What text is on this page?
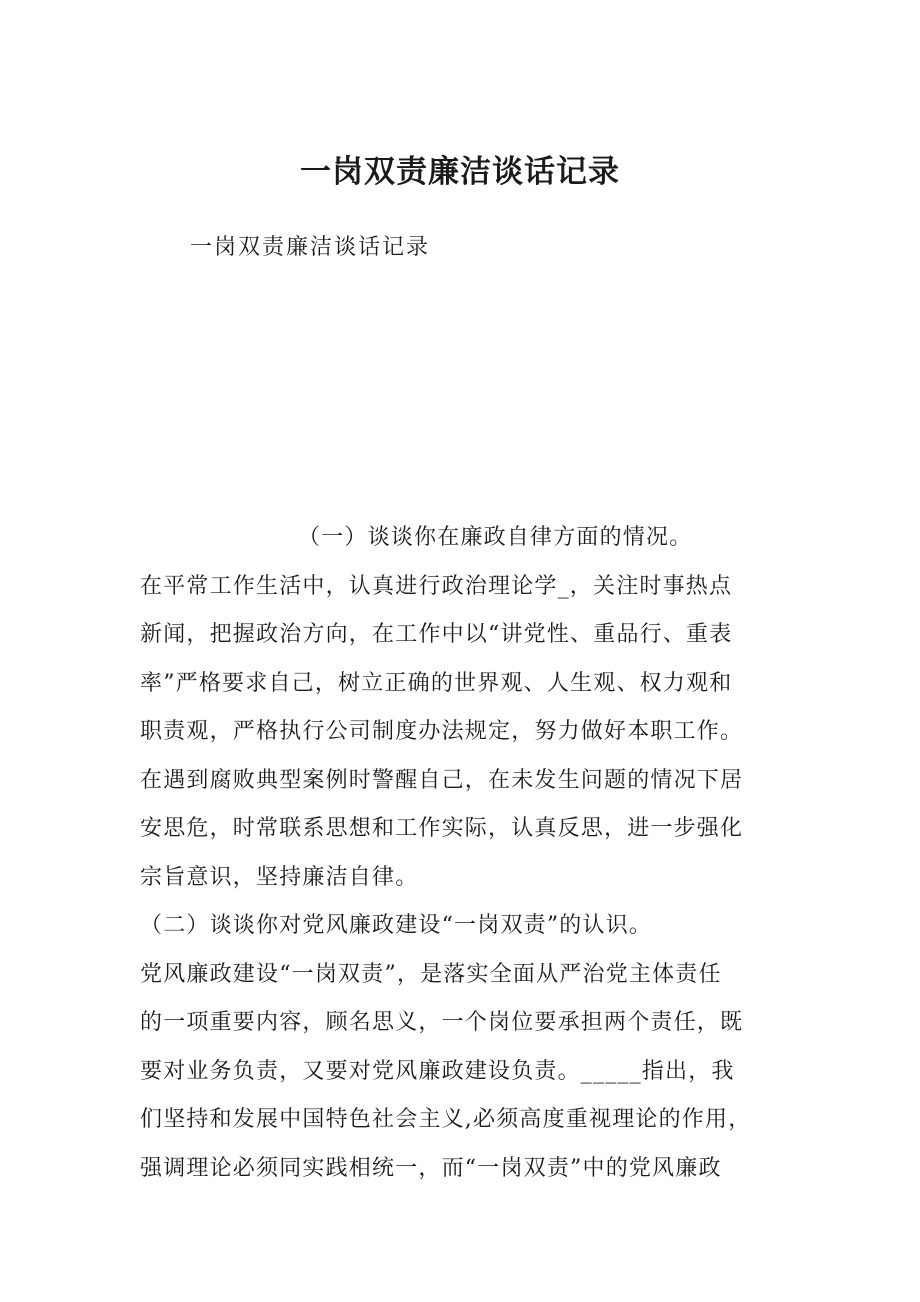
一岗双责廉洁谈话记录

一岗双责廉洁谈话记录

（一）谈谈你在廉政自律方面的情况。
在平常工作生活中，认真进行政治理论学_，关注时事热点
新闻，把握政治方向，在工作中以“讲党性、重品行、重表
率”严格要求自己，树立正确的世界观、人生观、权力观和
职责观，严格执行公司制度办法规定，努力做好本职工作。
在遇到腐败典型案例时警醒自己，在未发生问题的情况下居
安思危，时常联系思想和工作实际，认真反思，进一步强化
宗旨意识，坚持廉洁自律。
（二）谈谈你对党风廉政建设“一岗双责”的认识。
党风廉政建设“一岗双责”，是落实全面从严治党主体责任
的一项重要内容，顾名思义，一个岗位要承担两个责任，既
要对业务负责，又要对党风廉政建设负责。_____指出，我
们坚持和发展中国特色社会主义,必须高度重视理论的作用，
强调理论必须同实践相统一，而“一岗双责”中的党风廉政
